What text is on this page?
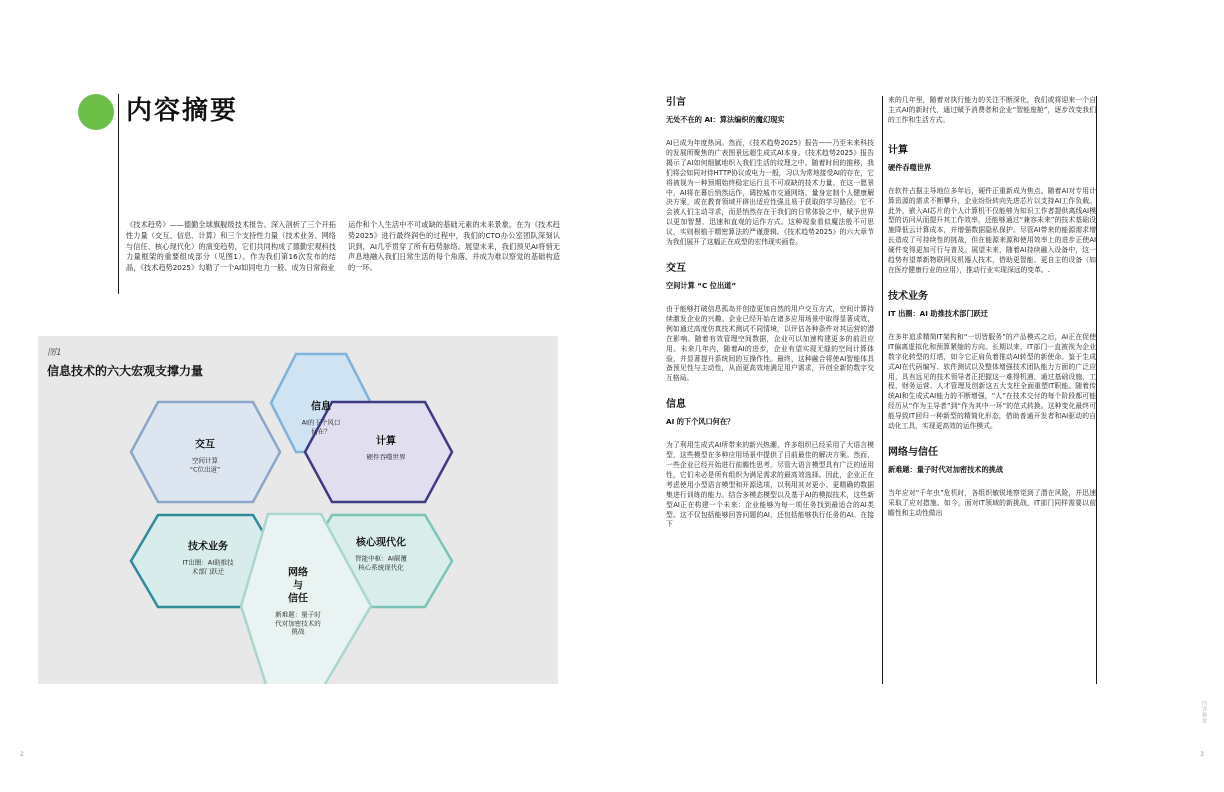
内容摘要

《技术趋势》——德勤全球旗舰级技术报告。深入剖析了三个开拓性力量（交互、信息、计算）和三个支持性力量（技术业务、网络与信任、核心现代化）的演变趋势，它们共同构成了德勤宏观科技力量框架的重要组成部分（见图1）。作为我们第16次发布的结晶，《技术趋势2025》勾勒了一个AI如同电力一般、成为日常商业

运作和个人生活中不可或缺的基础元素的未来景象。在为《技术趋势2025》进行最终润色的过程中，我们的CTO办公室团队深刻认识到，AI几乎贯穿了所有趋势脉络。展望未来，我们预见AI将悄无声息地融入我们日常生活的每个角落，并成为难以察觉的基础构造的一环。

图1
信息技术的六大宏观支撑力量
信息
AI的下个风口
何在？
交互
空间计算
“C位出道”
计算
硬件吞噬世界
技术业务
IT出圈：AI助推技
术部门跃迁
核心现代化
智能中枢：AI颠覆
核心系统现代化
网络
与
信任
新难题：量子时
代对加密技术的
挑战
2
引言
无处不在的 AI：算法编织的魔幻现实

AI已成为年度热词。然而，《技术趋势2025》报告——乃至未来科技的发展所聚焦的广表图景远超生成式AI本身。《技术趋势2025》报告揭示了AI如何细腻地织入我们生活的纹理之中。随着时间的推移，我们将会如同对待HTTP协议或电力一般，习以为常地接受AI的存在，它将被视为一种预期始终稳定运行且不可或缺的技术力量。在这一愿景中，AI将在幕后悄然运作，调控城市交通网络、量身定制个人健康解决方案，或在教育领域开辟出适应性强且易于获取的学习路径。它不会被人们主动寻求，而是悄然存在于我们的日常体验之中，赋予世界以更加智慧、迅速和直观的运作方式。这种现象看似魔法般不可思议，实则根植于精密算法的严谨逻辑。《技术趋势2025》的六大章节为我们展开了这幅正在成型的宏伟现实画卷。

交互
空间计算 “C 位出道”

由于能够打破信息孤岛并创造更加自然的用户交互方式，空间计算持续激发企业的兴趣。企业已经开始在诸多应用场景中取得显著成效，例如通过高度仿真技术测试不同情境，以评估各种条件对其运营的潜在影响。随着有效管理空间数据，企业可以加速构建更多的前沿应用。未来几年内，随着AI的进步，企业有望实现无缝的空间计算体验，并显著提升系统间的互操作性。最终，这种融合将使AI智能体具备预见性与主动性，从而更高效地满足用户需求，开创全新的数字交互格局。

信息
AI 的下个风口何在？

为了利用生成式AI所带来的新兴热潮，许多组织已经采用了大语言模型，这些模型在多种应用场景中提供了目前最佳的解决方案。然而，一些企业已经开始进行前瞻性思考。尽管大语言模型具有广泛的适用性，它们未必是所有组织为满足需求的最高效选择。因此，企业正在考虑使用小型语言模型和开源选项，以利用其对更小、更精确的数据集进行训练的能力。结合多模态模型以及基于AI的模拟技术，这些新型AI正在构建一个未来：企业能够为每一项任务找到最适合的AI类型。这不仅包括能够回答问题的AI，还包括能够执行任务的AI。在接下

来的几年里，随着对执行能力的关注不断深化，我们或将迎来一个自主式AI的新时代，通过赋予消费者和企业“智能座舱”，逐步改变我们的工作和生活方式。

计算
硬件吞噬世界

在软件占据主导地位多年后，硬件正重新成为焦点。随着AI对专用计算资源的需求不断攀升，企业纷纷转向先进芯片以支持AI工作负载。此外，嵌入AI芯片的个人计算机不仅能够为知识工作者提供离线AI模型的访问从而提升其工作效率，还能够通过“兼容未来”的技术基础设施降低云计算成本，并增强数据隐私保护。尽管AI带来的能源需求增长造成了可持续性的挑战，但在能源来源和使用效率上的进步正使AI硬件变得更加可行与普及。展望未来，随着AI持续融入设备中，这一趋势有望革新物联网及机器人技术，借助更智能、更自主的设备（如在医疗健康行业的应用），推动行业实现深远的变革。.

技术业务
IT 出圈：AI 助推技术部门跃迁

在多年追求精简IT架构和“一切皆服务”的产品模式之后，AI正在促使IT偏离虚拟化和预算紧缩的方向。长期以来，IT部门一直被视为企业数字化转型的灯塔，如今它正肩负着推动AI转型的新使命。鉴于生成式AI在代码编写、软件测试以及整体增强技术团队能力方面的广泛应用，具有远见的技术领导者正把握这一难得机遇，通过基础设施、工程、财务运营、人才管理及创新这五大支柱全面重塑IT职能。随着传统AI和生成式AI能力的不断增强，“人”在技术交付的每个阶段都可能经历从“作为主导者”到“作为其中一环”的范式转换。这种变化最终可能导致IT回归一种新型的精简化形态，借助普通开发者和AI驱动的自动化工具，实现更高效的运作模式。

网络与信任
新难题：量子时代对加密技术的挑战

当年应对“千年虫”危机时，各组织敏锐地察觉到了潜在风险，并迅速采取了应对措施。如今，面对IT领域的新挑战，IT部门同样需要以前瞻性和主动性做出

内容摘要
3
